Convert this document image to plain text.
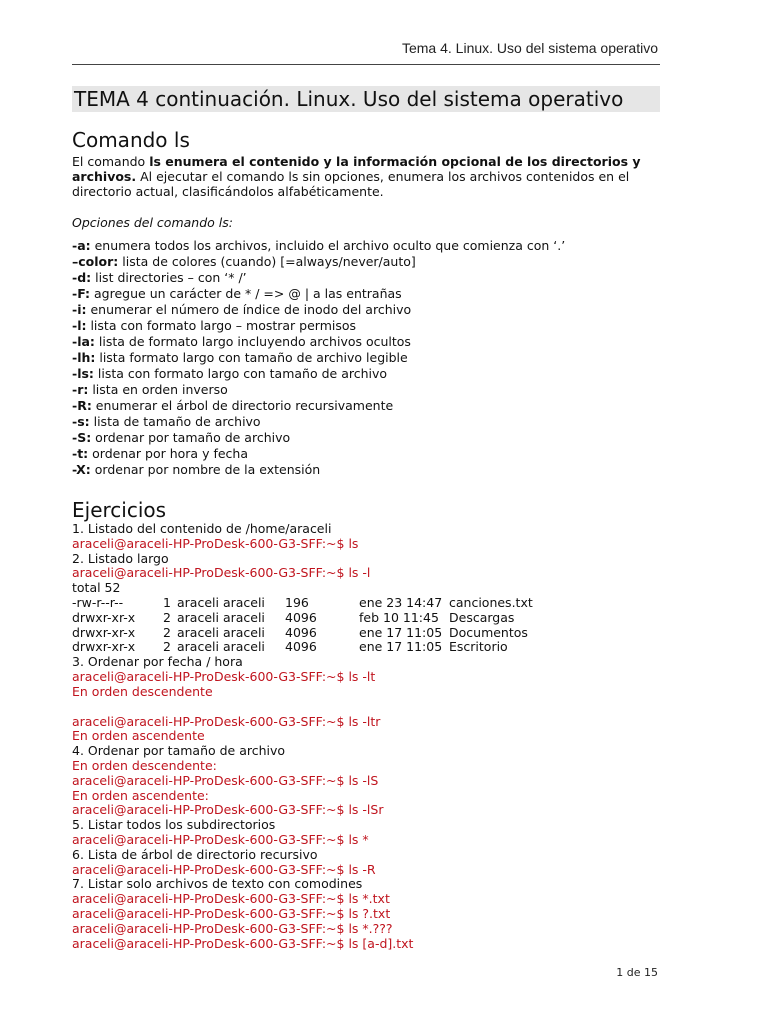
Tema 4. Linux. Uso del sistema operativo
TEMA 4 continuación. Linux. Uso del sistema operativo
Comando ls
El comando ls enumera el contenido y la información opcional de los directorios y archivos. Al ejecutar el comando ls sin opciones, enumera los archivos contenidos en el directorio actual, clasificándolos alfabéticamente.
Opciones del comando ls:
-a: enumera todos los archivos, incluido el archivo oculto que comienza con ‘.’
–color: lista de colores (cuando) [=always/never/auto]
-d: list directories – con ‘* /’
-F: agregue un carácter de * / => @ | a las entrañas
-i: enumerar el número de índice de inodo del archivo
-l: lista con formato largo – mostrar permisos
-la: lista de formato largo incluyendo archivos ocultos
-lh: lista formato largo con tamaño de archivo legible
-ls: lista con formato largo con tamaño de archivo
-r: lista en orden inverso
-R: enumerar el árbol de directorio recursivamente
-s: lista de tamaño de archivo
-S: ordenar por tamaño de archivo
-t: ordenar por hora y fecha
-X: ordenar por nombre de la extensión
Ejercicios
1. Listado del contenido de /home/araceli
araceli@araceli-HP-ProDesk-600-G3-SFF:~$ ls
2. Listado largo
araceli@araceli-HP-ProDesk-600-G3-SFF:~$ ls -l
total 52
-rw-r--r--	1 araceli araceli	196	ene 23 14:47 canciones.txt
drwxr-xr-x	2 araceli araceli	4096	feb 10 11:45 Descargas
drwxr-xr-x	2 araceli araceli	4096	ene 17 11:05 Documentos
drwxr-xr-x	2 araceli araceli	4096	ene 17 11:05 Escritorio
3. Ordenar por fecha / hora
araceli@araceli-HP-ProDesk-600-G3-SFF:~$ ls -lt
En orden descendente
araceli@araceli-HP-ProDesk-600-G3-SFF:~$ ls -ltr
En orden ascendente
4. Ordenar por tamaño de archivo
En orden descendente:
araceli@araceli-HP-ProDesk-600-G3-SFF:~$ ls -lS
En orden ascendente:
araceli@araceli-HP-ProDesk-600-G3-SFF:~$ ls -lSr
5. Listar todos los subdirectorios
araceli@araceli-HP-ProDesk-600-G3-SFF:~$ ls *
6. Lista de árbol de directorio recursivo
araceli@araceli-HP-ProDesk-600-G3-SFF:~$ ls -R
7. Listar solo archivos de texto con comodines
araceli@araceli-HP-ProDesk-600-G3-SFF:~$ ls *.txt
araceli@araceli-HP-ProDesk-600-G3-SFF:~$ ls ?.txt
araceli@araceli-HP-ProDesk-600-G3-SFF:~$ ls *.???
araceli@araceli-HP-ProDesk-600-G3-SFF:~$ ls [a-d].txt
1 de 15
